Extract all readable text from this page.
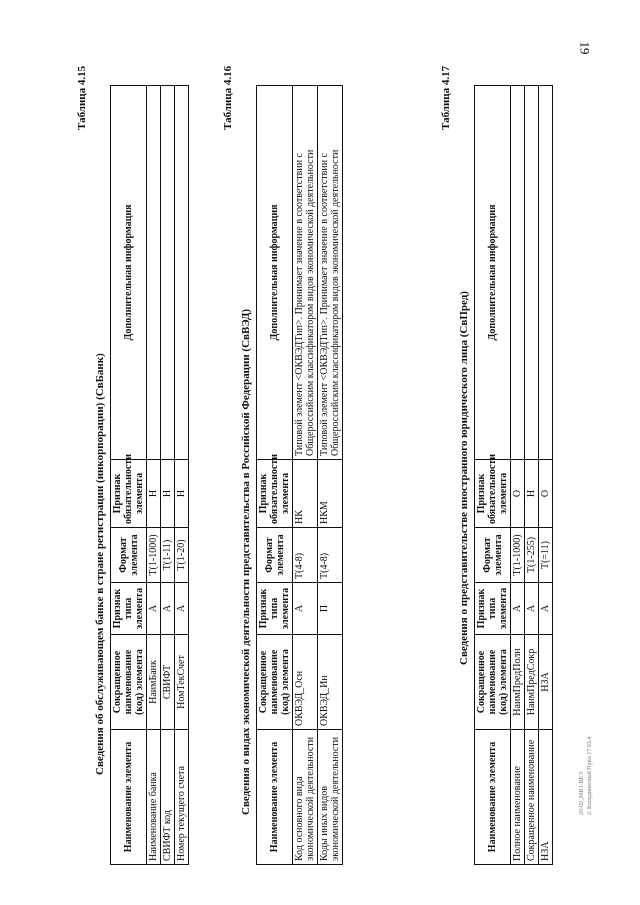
19
Таблица 4.15
Сведения об обслуживающем банке в стране регистрации (инкорпорации) (СвБанк)
Наименование элемента	Сокращенное наименование (код) элемента	Признак типа элемента	Формат элемента	Признак обязательности элемента	Дополнительная информация
Наименование банка	НаимБанк	А	T(1-1000)	Н	
СВИФТ код	СВИФТ	А	T(1-11)	Н	
Номер текущего счета	НомТекСчет	А	T(1-20)	Н	
Таблица 4.16
Сведения о видах экономической деятельности представительства в Российской Федерации (СвВЭД) Наименование элемента	Сокращенное наименование (код) элемента	Признак типа элемента	Формат элемента	Признак обязательности элемента	Дополнительная информация
Код основного вида экономической деятельности	ОКВЭД_Осн	А	T(4-8)	НК	Типовой элемент <ОКВЭДТип>. Принимает значение в соответствии с Общероссийским классификатором видов экономической деятельности
Коды иных видов экономической деятельности	ОКВЭД_Ин	П	T(4-8)	НКМ	Типовой элемент <ОКВЭДТип>. Принимает значение в соответствии с Общероссийским классификатором видов экономической деятельности
Таблица 4.17
Сведения о представительстве иностранного юридического лица (СвПред)
Наименование элемента	Сокращенное наименование (код) элемента	Признак типа элемента	Формат элемента	Признак обязательности элемента	Дополнительная информация
Полное наименование	НаимПредПолн	А	T(1-1000)	О	
Сокращенное наименование	НаимПредСокр	А	T(1-255)	Н	
НЗА	НЗА	А	T(=11)	О	
20-02_МИ1-ВЕЭ 2. Координатный Прил 17.03.4
